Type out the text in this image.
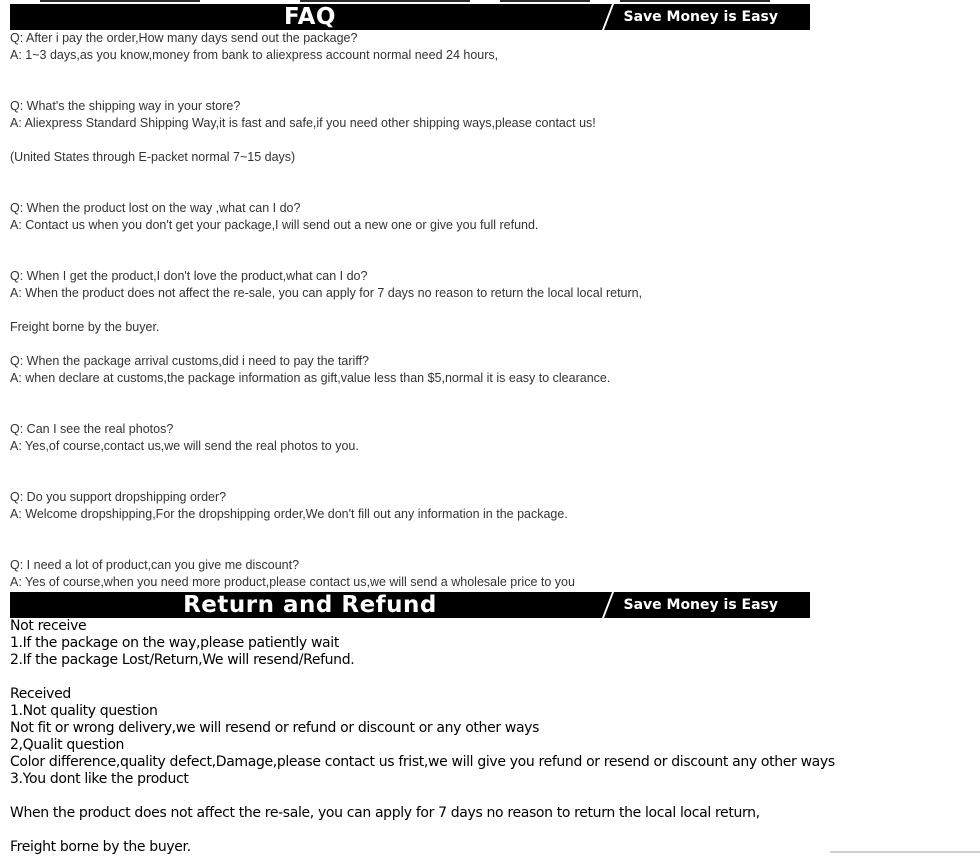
FAQ	Save Money is Easy
Q: After i pay the order,How many days send out the package?
A: 1~3 days,as you know,money from bank to aliexpress account normal need 24 hours,
Q: What's the shipping way in your store?
A: Aliexpress Standard Shipping Way,it is fast and safe,if you need other shipping ways,please contact us!
(United States through E-packet normal 7~15 days)
Q: When the product lost on the way ,what can I do?
A: Contact us when you don't get your package,I will send out a new one or give you full refund.
Q: When I get the product,I don't love the product,what can I do?
A: When the product does not affect the re-sale, you can apply for 7 days no reason to return the local local return,
Freight borne by the buyer.
Q: When the package arrival customs,did i need to pay the tariff?
A: when declare at customs,the package information as gift,value less than $5,normal it is easy to clearance.
Q: Can I see the real photos?
A: Yes,of course,contact us,we will send the real photos to you.
Q: Do you support dropshipping order?
A: Welcome dropshipping,For the dropshipping order,We don't fill out any information in the package.
Q: I need a lot of product,can you give me discount?
A: Yes of course,when you need more product,please contact us,we will send a wholesale price to you
Return and Refund	Save Money is Easy
Not receive
1.If the package on the way,please patiently wait
2.If the package Lost/Return,We will resend/Refund.
Received
1.Not quality question
Not fit or wrong delivery,we will resend or refund or discount or any other ways
2,Qualit question
Color difference,quality defect,Damage,please contact us frist,we will give you refund or resend or discount any other ways
3.You dont like the product
When the product does not affect the re-sale, you can apply for 7 days no reason to return the local local return,
Freight borne by the buyer.
